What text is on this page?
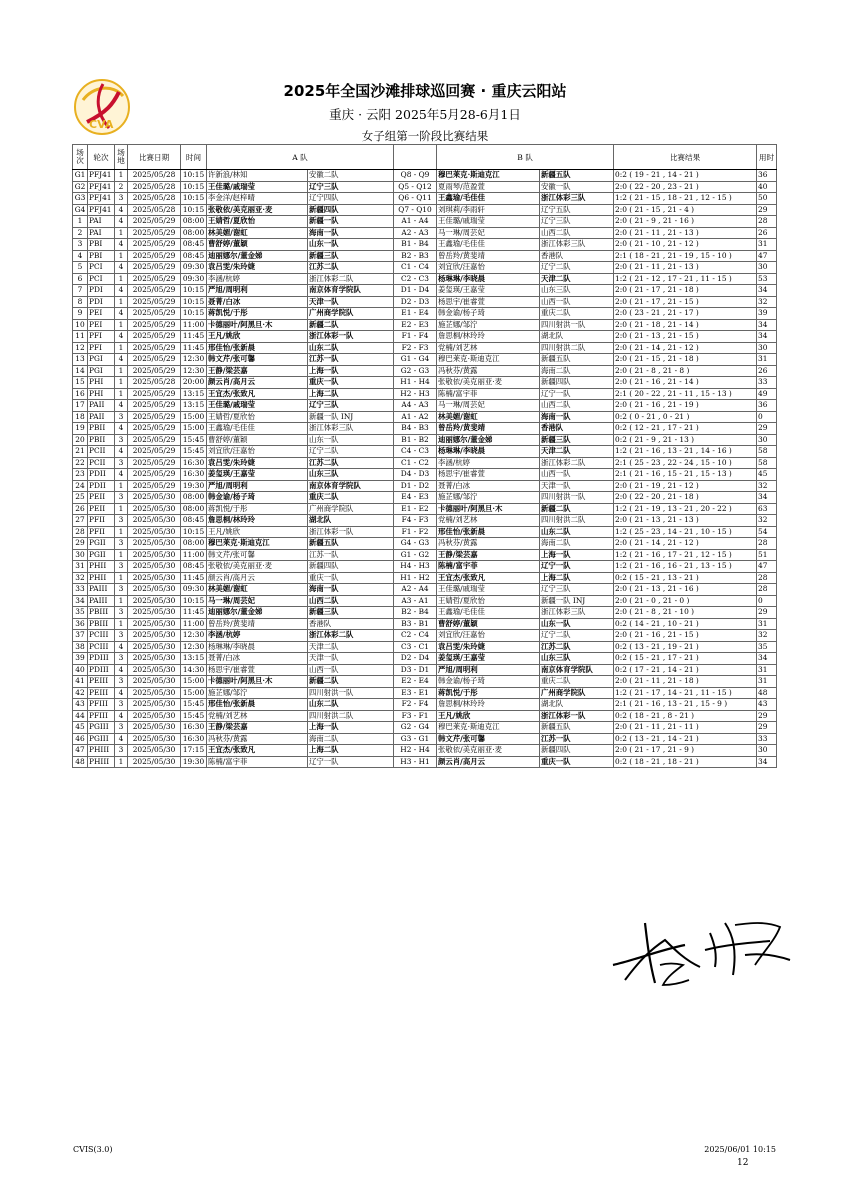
CVA
2025年全国沙滩排球巡回赛 · 重庆云阳站
重庆 · 云阳 2025年5月28-6月1日
女子组第一阶段比赛结果
场次	轮次	场地	比赛日期	时间	A 队			B 队		比赛结果	用时
G1	PFJ41	1	2025/05/28	10:15	许新浪/林知	安徽二队	Q8 - Q9	穆巴莱克·斯迪克江	新疆五队	0:2 ( 19 - 21 , 14 - 21 )	36
G2	PFJ41	2	2025/05/28	10:15	王佳璐/戚瑞莹	辽宁三队	Q5 - Q12	夏雨琴/范盈萱	安徽一队	2:0 ( 22 - 20 , 23 - 21 )	40
G3	PFJ41	3	2025/05/28	10:15	李金洋/赵梓晴	辽宁四队	Q6 - Q11	王鑫瑜/毛佳佳	浙江体彩三队	1:2 ( 21 - 15 , 18 - 21 , 12 - 15 )	50
G4	PFJ41	4	2025/05/28	10:15	张敬依/美克丽亚·麦	新疆四队	Q7 - Q10	刘琪莉/李雨轩	辽宁五队	2:0 ( 21 - 15 , 21 - 4 )	29
1	PAI	4	2025/05/29	08:00	王婧哲/夏欣怡	新疆一队	A1 - A4	王佳璐/戚瑞莹	辽宁三队	2:0 ( 21 - 9 , 21 - 16 )	28
2	PAI	1	2025/05/29	08:00	林美媚/谢虹	海南一队	A2 - A3	马一琳/周芸妃	山西二队	2:0 ( 21 - 11 , 21 - 13 )	26
3	PBI	4	2025/05/29	08:45	曹舒婷/董颖	山东一队	B1 - B4	王鑫瑜/毛佳佳	浙江体彩三队	2:0 ( 21 - 10 , 21 - 12 )	31
4	PBI	1	2025/05/29	08:45	迪丽娜尔/董金娣	新疆三队	B2 - B3	曾岳羚/黄斐靖	香港队	2:1 ( 18 - 21 , 21 - 19 , 15 - 10 )	47
5	PCI	4	2025/05/29	09:30	袁吕雯/朱玲婕	江苏二队	C1 - C4	刘宜欣/汪嘉怡	辽宁二队	2:0 ( 21 - 11 , 21 - 13 )	30
6	PCI	1	2025/05/29	09:30	李涵/杭婷	浙江体彩二队	C2 - C3	杨琳琳/李晓晨	天津二队	1:2 ( 21 - 12 , 17 - 21 , 11 - 15 )	53
7	PDI	4	2025/05/29	10:15	严旭/周明利	南京体育学院队	D1 - D4	姜玺瑛/王嘉莹	山东三队	2:0 ( 21 - 17 , 21 - 18 )	34
8	PDI	1	2025/05/29	10:15	聂菁/白冰	天津一队	D2 - D3	杨思宇/崔睿萱	山西一队	2:0 ( 21 - 17 , 21 - 15 )	32
9	PEI	4	2025/05/29	10:15	蒋凯悦/于彤	广州商学院队	E1 - E4	韩金谕/杨子琦	重庆二队	2:0 ( 23 - 21 , 21 - 17 )	39
10	PEI	1	2025/05/29	11:00	卡德丽叶/阿黑旦·木	新疆二队	E2 - E3	施芷娜/邹泞	四川射洪一队	2:0 ( 21 - 18 , 21 - 14 )	34
11	PFI	4	2025/05/29	11:45	王凡/姚欣	浙江体彩一队	F1 - F4	詹思桐/林玲玲	湖北队	2:0 ( 21 - 13 , 21 - 15 )	34
12	PFI	1	2025/05/29	11:45	邢佳怡/张新晨	山东二队	F2 - F3	党楠/刘艺林	四川射洪二队	2:0 ( 21 - 14 , 21 - 12 )	30
13	PGI	4	2025/05/29	12:30	韩文芹/张可馨	江苏一队	G1 - G4	穆巴莱克·斯迪克江	新疆五队	2:0 ( 21 - 15 , 21 - 18 )	31
14	PGI	1	2025/05/29	12:30	王静/梁芸嘉	上海一队	G2 - G3	冯秋芬/黄露	海南二队	2:0 ( 21 - 8 , 21 - 8 )	26
15	PHI	1	2025/05/28	20:00	颜云肖/高月云	重庆一队	H1 - H4	张敬依/美克丽亚·麦	新疆四队	2:0 ( 21 - 16 , 21 - 14 )	33
16	PHI	1	2025/05/29	13:15	王宜杰/张致凡	上海二队	H2 - H3	陈楠/富宇菲	辽宁一队	2:1 ( 20 - 22 , 21 - 11 , 15 - 13 )	49
17	PAII	4	2025/05/29	13:15	王佳璐/戚瑞莹	辽宁三队	A4 - A3	马一琳/周芸妃	山西二队	2:0 ( 21 - 16 , 21 - 19 )	36
18	PAII	3	2025/05/29	15:00	王婧哲/夏欣怡	新疆一队 INJ	A1 - A2	林美媚/谢虹	海南一队	0:2 ( 0 - 21 , 0 - 21 )	0
19	PBII	4	2025/05/29	15:00	王鑫瑜/毛佳佳	浙江体彩三队	B4 - B3	曾岳羚/黄斐靖	香港队	0:2 ( 12 - 21 , 17 - 21 )	29
20	PBII	3	2025/05/29	15:45	曹舒婷/董颖	山东一队	B1 - B2	迪丽娜尔/董金娣	新疆三队	0:2 ( 21 - 9 , 21 - 13 )	30
21	PCII	4	2025/05/29	15:45	刘宜欣/汪嘉怡	辽宁二队	C4 - C3	杨琳琳/李晓晨	天津二队	1:2 ( 21 - 16 , 13 - 21 , 14 - 16 )	58
22	PCII	3	2025/05/29	16:30	袁吕雯/朱玲婕	江苏二队	C1 - C2	李涵/杭婷	浙江体彩二队	2:1 ( 25 - 23 , 22 - 24 , 15 - 10 )	58
23	PDII	4	2025/05/29	16:30	姜玺瑛/王嘉莹	山东三队	D4 - D3	杨思宇/崔睿萱	山西一队	2:1 ( 21 - 16 , 15 - 21 , 15 - 13 )	45
24	PDII	1	2025/05/29	19:30	严旭/周明利	南京体育学院队	D1 - D2	聂菁/白冰	天津一队	2:0 ( 21 - 19 , 21 - 12 )	32
25	PEII	3	2025/05/30	08:00	韩金谕/杨子琦	重庆二队	E4 - E3	施芷娜/邹泞	四川射洪一队	2:0 ( 22 - 20 , 21 - 18 )	34
26	PEII	1	2025/05/30	08:00	蒋凯悦/于彤	广州商学院队	E1 - E2	卡德丽叶/阿黑旦·木	新疆二队	1:2 ( 21 - 19 , 13 - 21 , 20 - 22 )	63
27	PFII	3	2025/05/30	08:45	詹思桐/林玲玲	湖北队	F4 - F3	党楠/刘艺林	四川射洪二队	2:0 ( 21 - 13 , 21 - 13 )	32
28	PFII	1	2025/05/30	10:15	王凡/姚欣	浙江体彩一队	F1 - F2	邢佳怡/张新晨	山东二队	1:2 ( 25 - 23 , 14 - 21 , 10 - 15 )	54
29	PGII	3	2025/05/30	08:00	穆巴莱克·斯迪克江	新疆五队	G4 - G3	冯秋芬/黄露	海南二队	2:0 ( 21 - 14 , 21 - 12 )	28
30	PGII	1	2025/05/30	11:00	韩文芹/张可馨	江苏一队	G1 - G2	王静/梁芸嘉	上海一队	1:2 ( 21 - 16 , 17 - 21 , 12 - 15 )	51
31	PHII	3	2025/05/30	08:45	张敬依/美克丽亚·麦	新疆四队	H4 - H3	陈楠/富宇菲	辽宁一队	1:2 ( 21 - 16 , 16 - 21 , 13 - 15 )	47
32	PHII	1	2025/05/30	11:45	颜云肖/高月云	重庆一队	H1 - H2	王宜杰/张致凡	上海二队	0:2 ( 15 - 21 , 13 - 21 )	28
33	PAIII	3	2025/05/30	09:30	林美媚/谢虹	海南一队	A2 - A4	王佳璐/戚瑞莹	辽宁三队	2:0 ( 21 - 13 , 21 - 16 )	28
34	PAIII	1	2025/05/30	10:15	马一琳/周芸妃	山西二队	A3 - A1	王婧哲/夏欣怡	新疆一队 INJ	2:0 ( 21 - 0 , 21 - 0 )	0
35	PBIII	3	2025/05/30	11:45	迪丽娜尔/董金娣	新疆三队	B2 - B4	王鑫瑜/毛佳佳	浙江体彩三队	2:0 ( 21 - 8 , 21 - 10 )	29
36	PBIII	1	2025/05/30	11:00	曾岳羚/黄斐靖	香港队	B3 - B1	曹舒婷/董颖	山东一队	0:2 ( 14 - 21 , 10 - 21 )	31
37	PCIII	3	2025/05/30	12:30	李涵/杭婷	浙江体彩二队	C2 - C4	刘宜欣/汪嘉怡	辽宁二队	2:0 ( 21 - 16 , 21 - 15 )	32
38	PCIII	4	2025/05/30	12:30	杨琳琳/李晓晨	天津二队	C3 - C1	袁吕雯/朱玲婕	江苏二队	0:2 ( 13 - 21 , 19 - 21 )	35
39	PDIII	3	2025/05/30	13:15	聂菁/白冰	天津一队	D2 - D4	姜玺瑛/王嘉莹	山东三队	0:2 ( 15 - 21 , 17 - 21 )	34
40	PDIII	4	2025/05/30	14:30	杨思宇/崔睿萱	山西一队	D3 - D1	严旭/周明利	南京体育学院队	0:2 ( 17 - 21 , 14 - 21 )	31
41	PEIII	3	2025/05/30	15:00	卡德丽叶/阿黑旦·木	新疆二队	E2 - E4	韩金谕/杨子琦	重庆二队	2:0 ( 21 - 11 , 21 - 18 )	31
42	PEIII	4	2025/05/30	15:00	施芷娜/邹泞	四川射洪一队	E3 - E1	蒋凯悦/于彤	广州商学院队	1:2 ( 21 - 17 , 14 - 21 , 11 - 15 )	48
43	PFIII	3	2025/05/30	15:45	邢佳怡/张新晨	山东二队	F2 - F4	詹思桐/林玲玲	湖北队	2:1 ( 21 - 16 , 13 - 21 , 15 - 9 )	43
44	PFIII	4	2025/05/30	15:45	党楠/刘艺林	四川射洪二队	F3 - F1	王凡/姚欣	浙江体彩一队	0:2 ( 18 - 21 , 8 - 21 )	29
45	PGIII	3	2025/05/30	16:30	王静/梁芸嘉	上海一队	G2 - G4	穆巴莱克·斯迪克江	新疆五队	2:0 ( 21 - 11 , 21 - 11 )	29
46	PGIII	4	2025/05/30	16:30	冯秋芬/黄露	海南二队	G3 - G1	韩文芹/张可馨	江苏一队	0:2 ( 13 - 21 , 14 - 21 )	33
47	PHIII	3	2025/05/30	17:15	王宜杰/张致凡	上海二队	H2 - H4	张敬依/美克丽亚·麦	新疆四队	2:0 ( 21 - 17 , 21 - 9 )	30
48	PHIII	1	2025/05/30	19:30	陈楠/富宇菲	辽宁一队	H3 - H1	颜云肖/高月云	重庆一队	0:2 ( 18 - 21 , 18 - 21 )	34
CVIS(3.0)	2025/06/01 10:15
12
